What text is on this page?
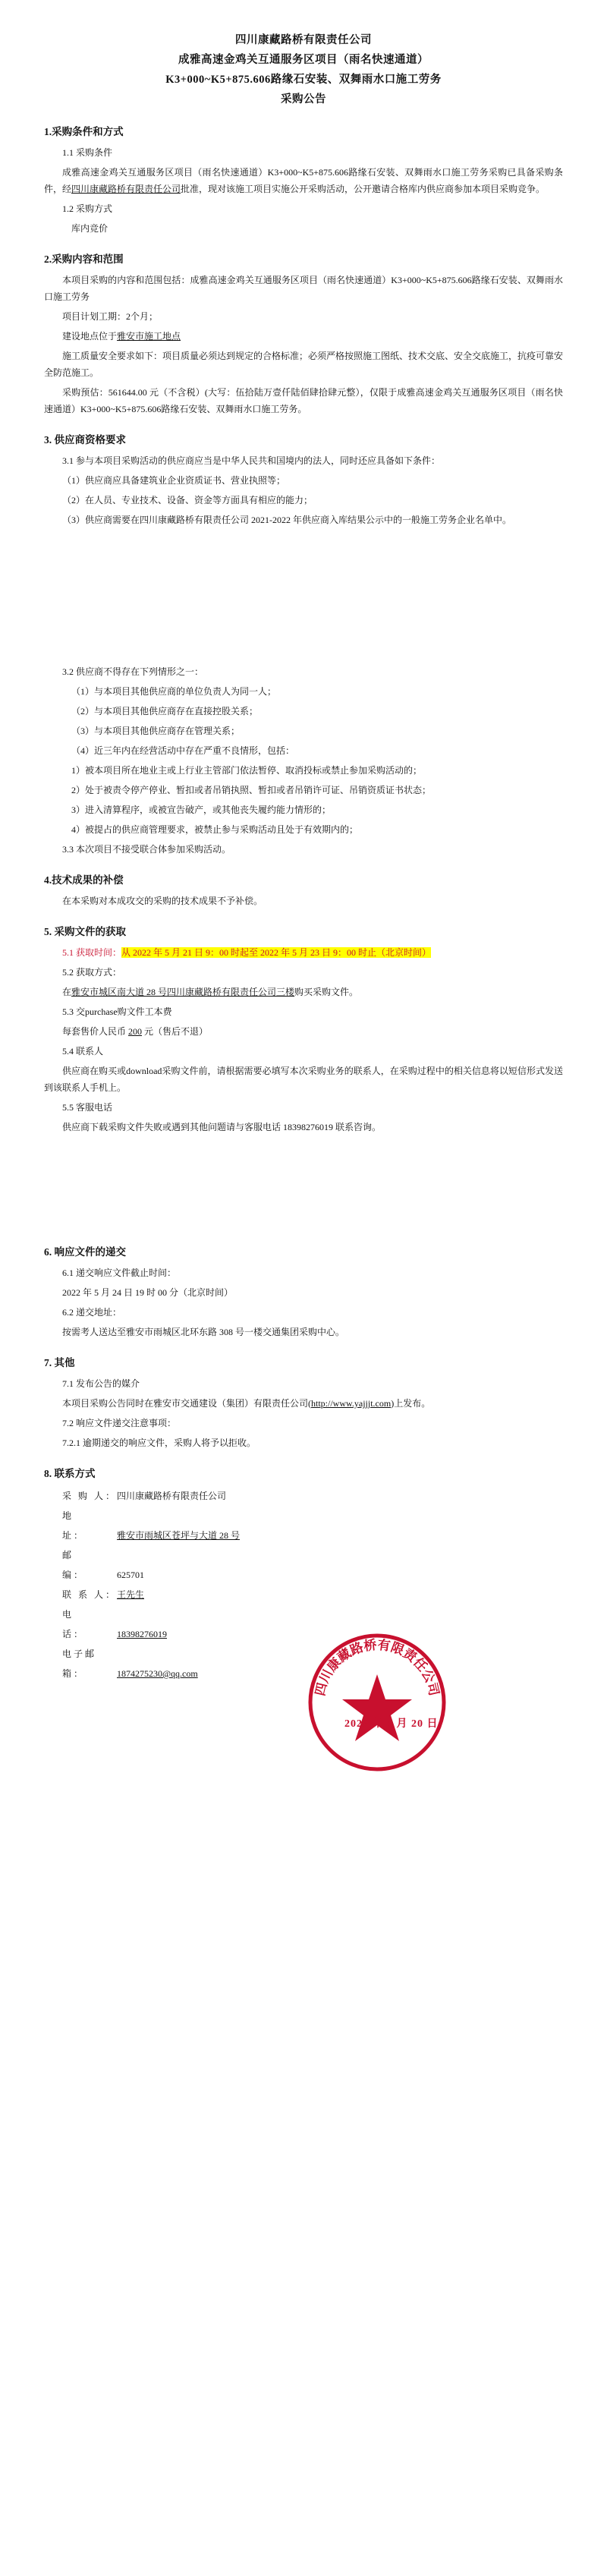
四川康藏路桥有限责任公司
成雅高速金鸡关互通服务区项目（雨名快速通道）
K3+000~K5+875.606路缘石安装、双舞雨水口施工劳务
采购公告
1.采购条件和方式

1.1 采购条件

成雅高速金鸡关互通服务区项目（雨名快速通道）K3+000~K5+875.606路缘石安装、双舞雨水口施工劳务采购已具备采购条件，经四川康藏路桥有限责任公司批准，现对该施工项目实施公开采购活动，公开邀请合格库内供应商参加本项目采购竞争。

1.2 采购方式

库内竞价

2.采购内容和范围

本项目采购的内容和范围包括：成雅高速金鸡关互通服务区项目（雨名快速通道）K3+000~K5+875.606路缘石安装、双舞雨水口施工劳务

项目计划工期：2个月；

建设地点位于雅安市施工地点

施工质量安全要求如下：项目质量必须达到规定的合格标准；必须严格按照施工图纸、技术交底、安全交底施工，抗疫可靠安全防范施工。

采购预估：561644.00 元（不含税）(大写：伍拾陆万壹仟陆佰肆拾肆元整），仅限于成雅高速金鸡关互通服务区项目（雨名快速通道）K3+000~K5+875.606路缘石安装、双舞雨水口施工劳务。

3. 供应商资格要求

3.1 参与本项目采购活动的供应商应当是中华人民共和国境内的法人，同时还应具备如下条件：

（1）供应商应具备建筑业企业资质证书、营业执照等；

（2）在人员、专业技术、设备、资金等方面具有相应的能力；

（3）供应商需要在四川康藏路桥有限责任公司 2021-2022 年供应商入库结果公示中的一般施工劳务企业名单中。

3.2 供应商不得存在下列情形之一：

（1）与本项目其他供应商的单位负责人为同一人；

（2）与本项目其他供应商存在直接控股关系；

（3）与本项目其他供应商存在管理关系；

（4）近三年内在经营活动中存在严重不良情形，包括：

1）被本项目所在地业主或上行业主管部门依法暂停、取消投标或禁止参加采购活动的；

2）处于被责令停产停业、暂扣或者吊销执照、暂扣或者吊销许可证、吊销资质证书状态；

3）进入清算程序，或被宣告破产，或其他丧失履约能力情形的；

4）被提占的供应商管理要求，被禁止参与采购活动且处于有效期内的；

3.3 本次项目不接受联合体参加采购活动。

4.技术成果的补偿

在本采购对本成攻交的采购的技术成果不予补偿。

5. 采购文件的获取

5.1 获取时间：从 2022 年 5 月 21 日 9：00 时起至 2022 年 5 月 23 日 9：00 时止（北京时间）

5.2 获取方式：

在雅安市城区南大道 28 号四川康藏路桥有限责任公司三楼购买采购文件。

5.3 交purchase购文件工本费

每套售价人民币 200 元（售后不退）

5.4 联系人

供应商在购买或download采购文件前，请根据需要必填写本次采购业务的联系人，在采购过程中的相关信息将以短信形式发送到该联系人手机上。

5.5 客服电话

供应商下载采购文件失败或遇到其他问题请与客服电话 18398276019 联系咨询。

6. 响应文件的递交

6.1 递交响应文件截止时间：

2022 年 5 月 24 日 19 时 00 分（北京时间）

6.2 递交地址：

按需考人送达至雅安市雨城区北环东路 308 号一楼交通集团采购中心。

7. 其他

7.1 发布公告的媒介

本项目采购公告同时在雅安市交通建设（集团）有限责任公司(http://www.yajjjt.com)上发布。

7.2 响应文件递交注意事项：

7.2.1 逾期递交的响应文件，采购人将予以拒收。

8. 联系方式
采 购 人：四川康藏路桥有限责任公司
地　　址：	雅安市雨城区苍坪与大道 28 号
邮　　编：	625701
联 系 人：王先生
电　　话：	18398276019
电子邮箱：	1874275230@qq.com
四川康藏路桥有限责任公司
2022 年 5 月 20 日
